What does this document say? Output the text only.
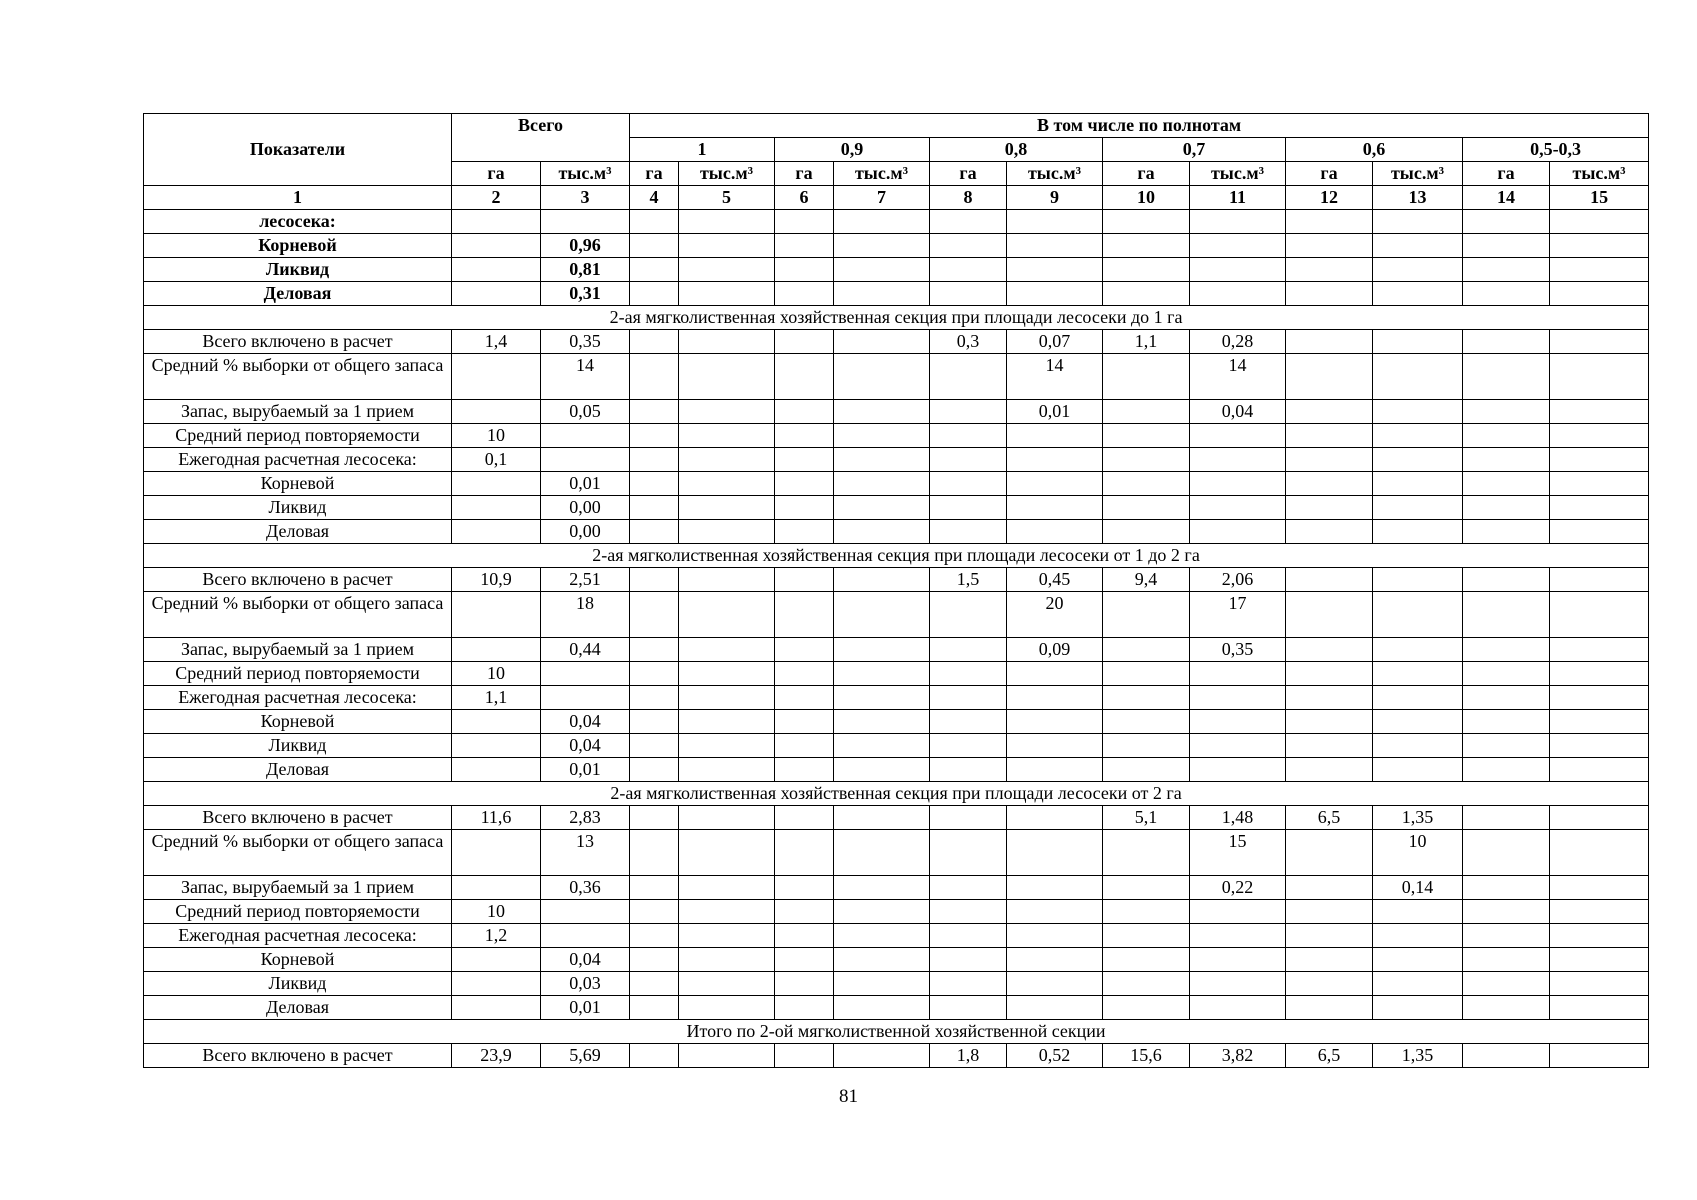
Показатели	Всего		В том числе по полнотам											
			1		0,9		0,8		0,7		0,6		0,5-0,3	
	га	тыс.м³	га	тыс.м³	га	тыс.м³	га	тыс.м³	га	тыс.м³	га	тыс.м³	га	тыс.м³
1	2	3	4	5	6	7	8	9	10	11	12	13	14	15
лесосека:														
Корневой		0,96												
Ликвид		0,81												
Деловая		0,31												
2-ая мягколиственная хозяйственная секция при площади лесосеки до 1 га														
Всего включено в расчет	1,4	0,35					0,3	0,07	1,1	0,28				
Средний % выборки от общего запаса		14						14		14				
Запас, вырубаемый за 1 прием		0,05						0,01		0,04				
Средний период повторяемости	10													
Ежегодная расчетная лесосека:	0,1													
Корневой		0,01												
Ликвид		0,00												
Деловая		0,00												
2-ая мягколиственная хозяйственная секция при площади лесосеки от 1 до 2 га														
Всего включено в расчет	10,9	2,51					1,5	0,45	9,4	2,06				
Средний % выборки от общего запаса		18						20		17				
Запас, вырубаемый за 1 прием		0,44						0,09		0,35				
Средний период повторяемости	10													
Ежегодная расчетная лесосека:	1,1													
Корневой		0,04												
Ликвид		0,04												
Деловая		0,01												
2-ая мягколиственная хозяйственная секция при площади лесосеки от 2 га														
Всего включено в расчет	11,6	2,83							5,1	1,48	6,5	1,35		
Средний % выборки от общего запаса		13								15		10		
Запас, вырубаемый за 1 прием		0,36								0,22		0,14		
Средний период повторяемости	10													
Ежегодная расчетная лесосека:	1,2													
Корневой		0,04												
Ликвид		0,03												
Деловая		0,01												
Итого по 2-ой мягколиственной хозяйственной секции														
Всего включено в расчет	23,9	5,69					1,8	0,52	15,6	3,82	6,5	1,35		
81
